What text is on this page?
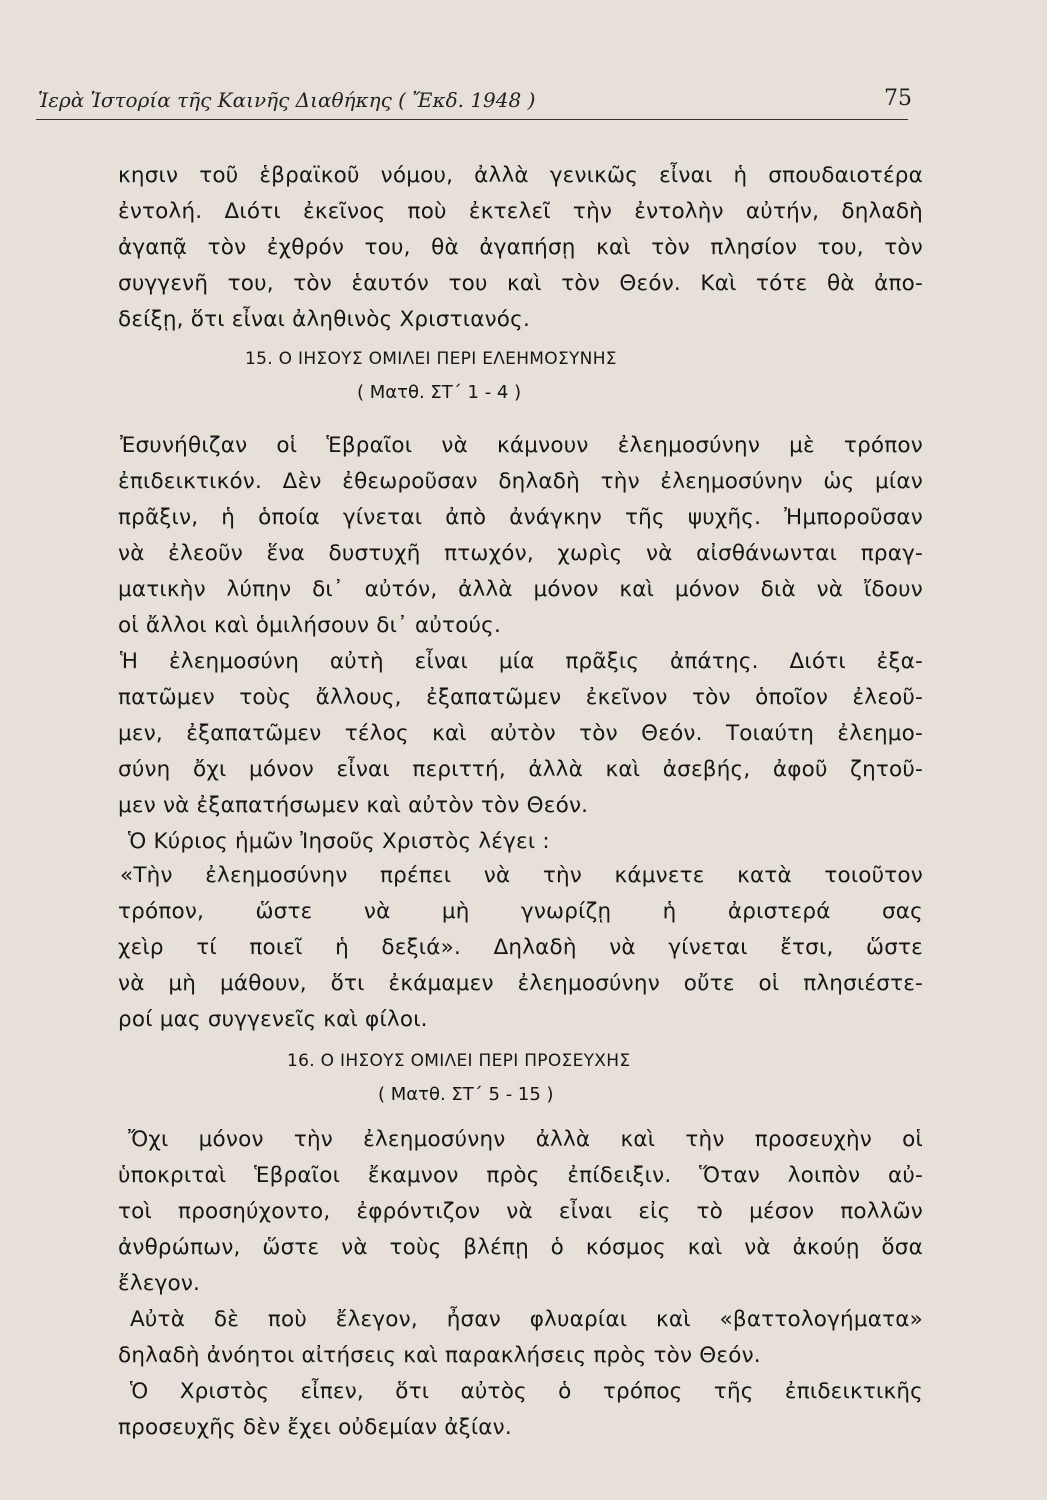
Ἱερὰ Ἱστορία τῆς Καινῆς Διαθήκης ( Ἔκδ. 1948 )	75
κησιν τοῦ ἑβραϊκοῦ νόμου, ἀλλὰ γενικῶς εἶναι ἡ σπουδαιοτέρα
ἐντολή. Διότι ἐκεῖνος ποὺ ἐκτελεῖ τὴν ἐντολὴν αὐτήν, δηλαδὴ
ἀγαπᾷ τὸν ἐχθρόν του, θὰ ἀγαπήσῃ καὶ τὸν πλησίον του, τὸν
συγγενῆ του, τὸν ἑαυτόν του καὶ τὸν Θεόν. Καὶ τότε θὰ ἀπο-
δείξῃ, ὅτι εἶναι ἀληθινὸς Χριστιανός.
15. Ο ΙΗΣΟΥΣ ΟΜΙΛΕΙ ΠΕΡΙ ΕΛΕΗΜΟΣΥΝΗΣ
( Ματθ. ΣΤ΄ 1 - 4 )
Ἐσυνήθιζαν οἱ Ἑβραῖοι νὰ κάμνουν ἐλεημοσύνην μὲ τρόπον
ἐπιδεικτικόν. Δὲν ἐθεωροῦσαν δηλαδὴ τὴν ἐλεημοσύνην ὡς μίαν
πρᾶξιν, ἡ ὁποία γίνεται ἀπὸ ἀνάγκην τῆς ψυχῆς. Ἠμποροῦσαν
νὰ ἐλεοῦν ἕνα δυστυχῆ πτωχόν, χωρὶς νὰ αἰσθάνωνται πραγ-
ματικὴν λύπην δι᾽ αὐτόν, ἀλλὰ μόνον καὶ μόνον διὰ νὰ ἴδουν
οἱ ἄλλοι καὶ ὁμιλήσουν δι᾽ αὐτούς.
Ἡ ἐλεημοσύνη αὐτὴ εἶναι μία πρᾶξις ἀπάτης. Διότι ἐξα-
πατῶμεν τοὺς ἄλλους, ἐξαπατῶμεν ἐκεῖνον τὸν ὁποῖον ἐλεοῦ-
μεν, ἐξαπατῶμεν τέλος καὶ αὐτὸν τὸν Θεόν. Τοιαύτη ἐλεημο-
σύνη ὄχι μόνον εἶναι περιττή, ἀλλὰ καὶ ἀσεβής, ἀφοῦ ζητοῦ-
μεν νὰ ἐξαπατήσωμεν καὶ αὐτὸν τὸν Θεόν.
Ὁ Κύριος ἡμῶν Ἰησοῦς Χριστὸς λέγει :
«Τὴν ἐλεημοσύνην πρέπει νὰ τὴν κάμνετε κατὰ τοιοῦτον
τρόπον, ὥστε νὰ μὴ γνωρίζῃ ἡ ἀριστερά σας
χεὶρ τί ποιεῖ ἡ δεξιά». Δηλαδὴ νὰ γίνεται ἔτσι, ὥστε
νὰ μὴ μάθουν, ὅτι ἐκάμαμεν ἐλεημοσύνην οὔτε οἱ πλησιέστε-
ροί μας συγγενεῖς καὶ φίλοι.
16. Ο ΙΗΣΟΥΣ ΟΜΙΛΕΙ ΠΕΡΙ ΠΡΟΣΕΥΧΗΣ
( Ματθ. ΣΤ΄ 5 - 15 )
Ὄχι μόνον τὴν ἐλεημοσύνην ἀλλὰ καὶ τὴν προσευχὴν οἱ
ὑποκριταὶ Ἑβραῖοι ἔκαμνον πρὸς ἐπίδειξιν. Ὅταν λοιπὸν αὐ-
τοὶ προσηύχοντο, ἐφρόντιζον νὰ εἶναι εἰς τὸ μέσον πολλῶν
ἀνθρώπων, ὥστε νὰ τοὺς βλέπῃ ὁ κόσμος καὶ νὰ ἀκούῃ ὅσα
ἔλεγον.
Αὐτὰ δὲ ποὺ ἔλεγον, ἦσαν φλυαρίαι καὶ «βαττολογήματα»
δηλαδὴ ἀνόητοι αἰτήσεις καὶ παρακλήσεις πρὸς τὸν Θεόν.
Ὁ Χριστὸς εἶπεν, ὅτι αὐτὸς ὁ τρόπος τῆς ἐπιδεικτικῆς
προσευχῆς δὲν ἔχει οὐδεμίαν ἀξίαν.
